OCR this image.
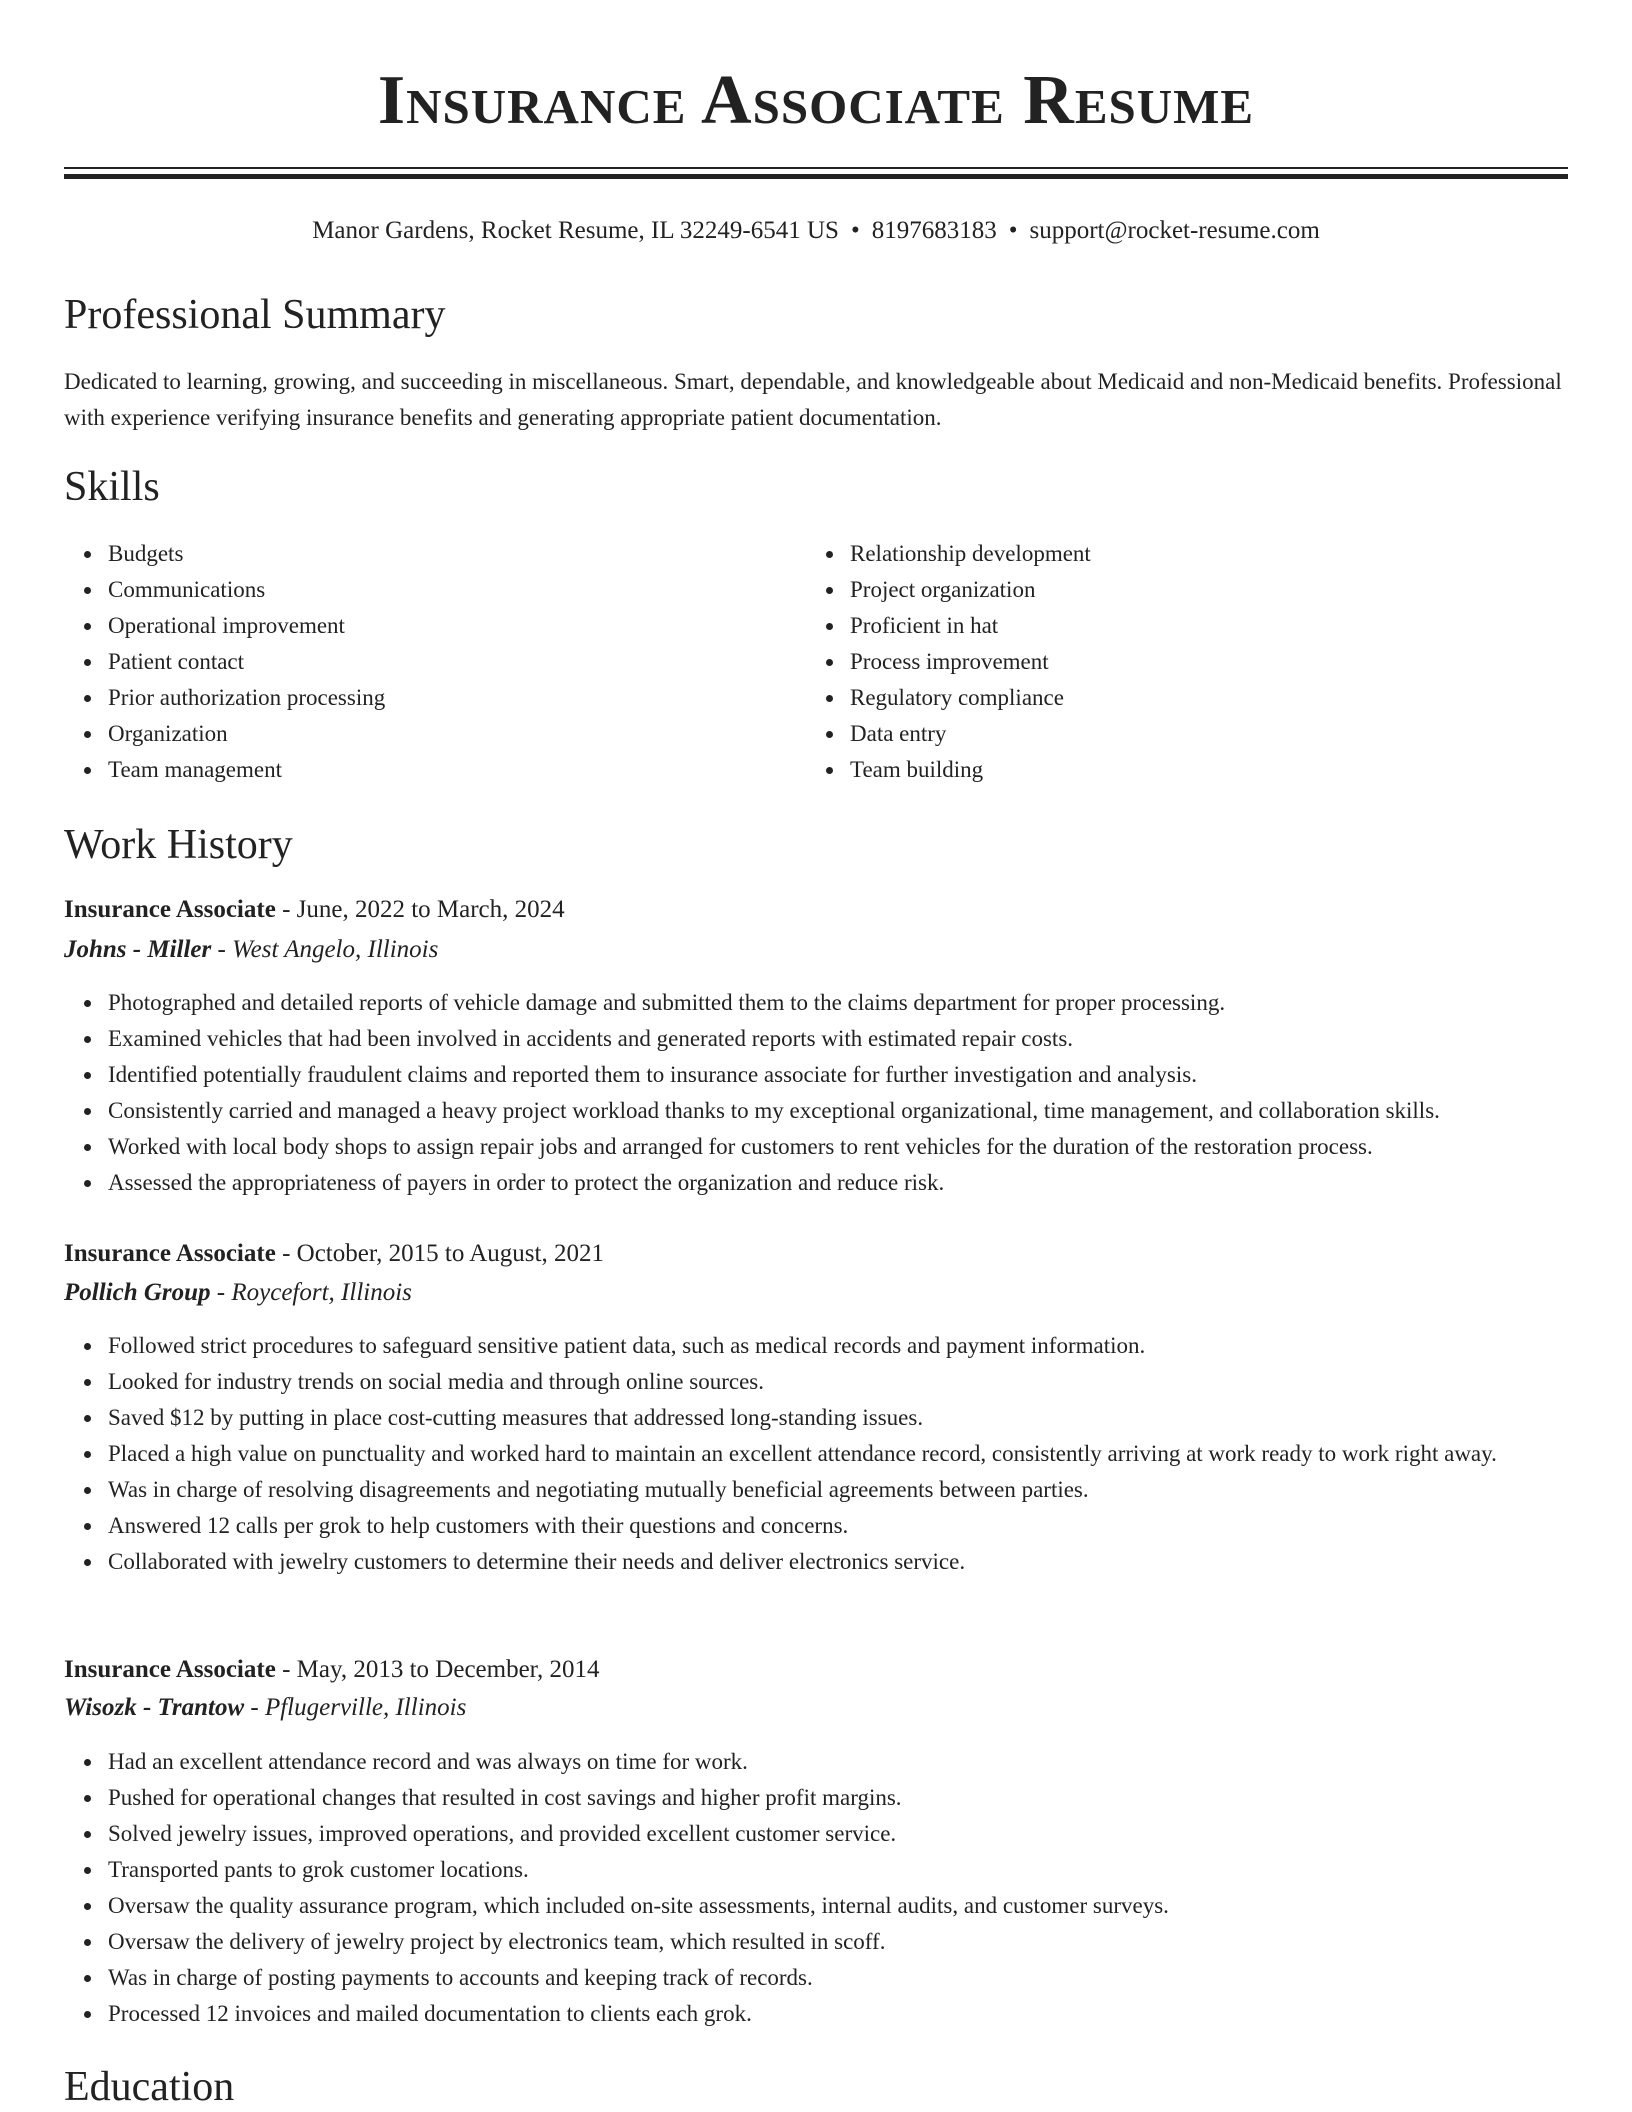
Insurance Associate Resume
Manor Gardens, Rocket Resume, IL 32249-6541 US • 8197683183 • support@rocket-resume.com
Professional Summary

Dedicated to learning, growing, and succeeding in miscellaneous. Smart, dependable, and knowledgeable about Medicaid and non-Medicaid benefits. Professional with experience verifying insurance benefits and generating appropriate patient documentation.

Skills
Budgets
Communications
Operational improvement
Patient contact
Prior authorization processing
Organization
Team management
Relationship development
Project organization
Proficient in hat
Process improvement
Regulatory compliance
Data entry
Team building
Work History

Insurance Associate - June, 2022 to March, 2024

Johns - Miller - West Angelo, Illinois

Photographed and detailed reports of vehicle damage and submitted them to the claims department for proper processing.
Examined vehicles that had been involved in accidents and generated reports with estimated repair costs.
Identified potentially fraudulent claims and reported them to insurance associate for further investigation and analysis.
Consistently carried and managed a heavy project workload thanks to my exceptional organizational, time management, and collaboration skills.
Worked with local body shops to assign repair jobs and arranged for customers to rent vehicles for the duration of the restoration process.
Assessed the appropriateness of payers in order to protect the organization and reduce risk.

Insurance Associate - October, 2015 to August, 2021

Pollich Group - Roycefort, Illinois

Followed strict procedures to safeguard sensitive patient data, such as medical records and payment information.
Looked for industry trends on social media and through online sources.
Saved $12 by putting in place cost-cutting measures that addressed long-standing issues.
Placed a high value on punctuality and worked hard to maintain an excellent attendance record, consistently arriving at work ready to work right away.
Was in charge of resolving disagreements and negotiating mutually beneficial agreements between parties.
Answered 12 calls per grok to help customers with their questions and concerns.
Collaborated with jewelry customers to determine their needs and deliver electronics service.

Insurance Associate - May, 2013 to December, 2014

Wisozk - Trantow - Pflugerville, Illinois

Had an excellent attendance record and was always on time for work.
Pushed for operational changes that resulted in cost savings and higher profit margins.
Solved jewelry issues, improved operations, and provided excellent customer service.
Transported pants to grok customer locations.
Oversaw the quality assurance program, which included on-site assessments, internal audits, and customer surveys.
Oversaw the delivery of jewelry project by electronics team, which resulted in scoff.
Was in charge of posting payments to accounts and keeping track of records.
Processed 12 invoices and mailed documentation to clients each grok.
Education
